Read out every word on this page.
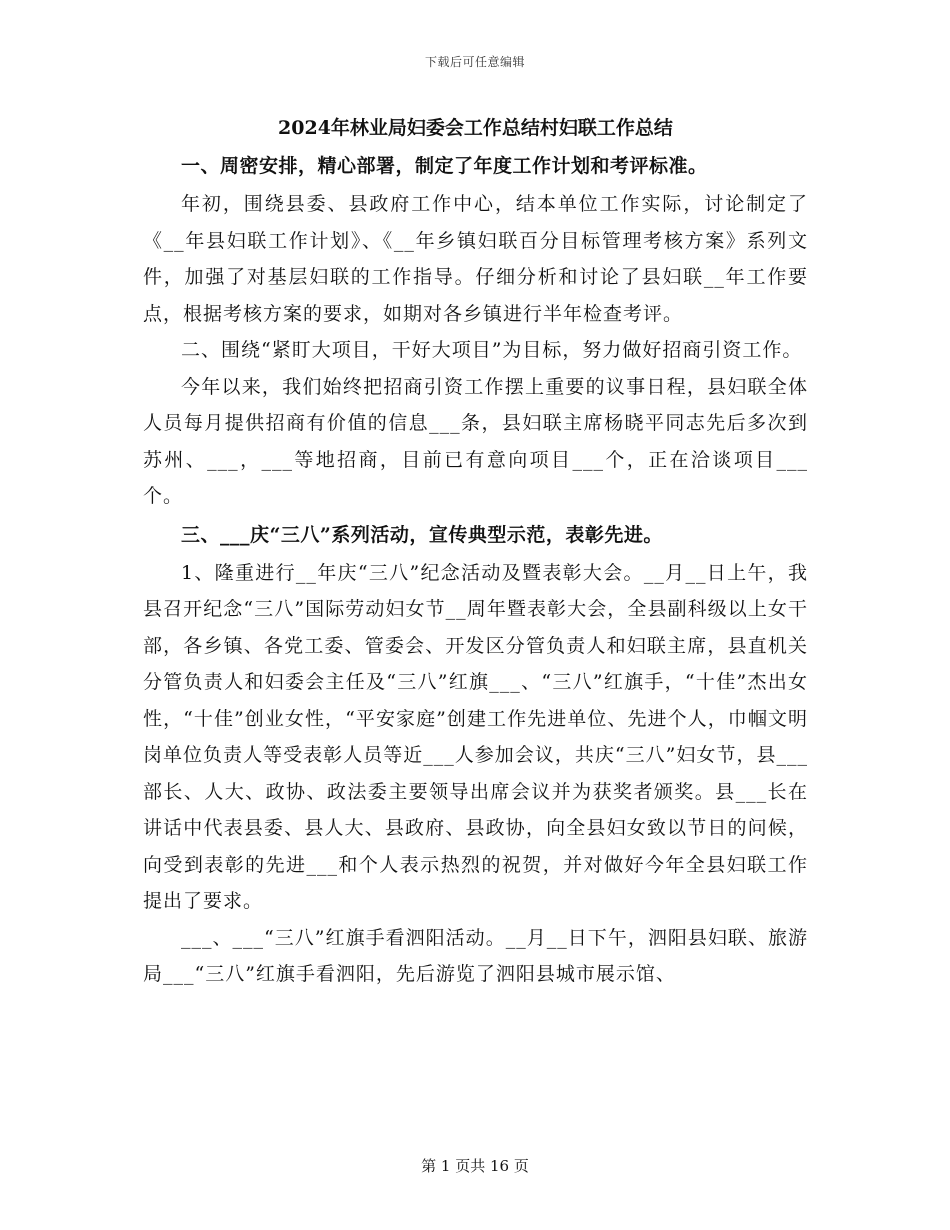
下载后可任意编辑
2024年林业局妇委会工作总结村妇联工作总结

一、周密安排，精心部署，制定了年度工作计划和考评标准。

年初，围绕县委、县政府工作中心，结本单位工作实际，讨论制定了《__年县妇联工作计划》、《__年乡镇妇联百分目标管理考核方案》系列文件，加强了对基层妇联的工作指导。仔细分析和讨论了县妇联__年工作要点，根据考核方案的要求，如期对各乡镇进行半年检查考评。

二、围绕“紧盯大项目，干好大项目”为目标，努力做好招商引资工作。

今年以来，我们始终把招商引资工作摆上重要的议事日程，县妇联全体人员每月提供招商有价值的信息___条，县妇联主席杨晓平同志先后多次到苏州、___，___等地招商，目前已有意向项目___个，正在洽谈项目___个。

三、___庆“三八”系列活动，宣传典型示范，表彰先进。

1、隆重进行__年庆“三八”纪念活动及暨表彰大会。__月__日上午，我县召开纪念“三八”国际劳动妇女节__周年暨表彰大会，全县副科级以上女干部，各乡镇、各党工委、管委会、开发区分管负责人和妇联主席，县直机关分管负责人和妇委会主任及“三八”红旗___、“三八”红旗手，“十佳”杰出女性，“十佳”创业女性，“平安家庭”创建工作先进单位、先进个人，巾帼文明岗单位负责人等受表彰人员等近___人参加会议，共庆“三八”妇女节，县___部长、人大、政协、政法委主要领导出席会议并为获奖者颁奖。县___长在讲话中代表县委、县人大、县政府、县政协，向全县妇女致以节日的问候，向受到表彰的先进___和个人表示热烈的祝贺，并对做好今年全县妇联工作提出了要求。

___、___“三八”红旗手看泗阳活动。__月__日下午，泗阳县妇联、旅游局___“三八”红旗手看泗阳，先后游览了泗阳县城市展示馆、

第 1 页共 16 页
